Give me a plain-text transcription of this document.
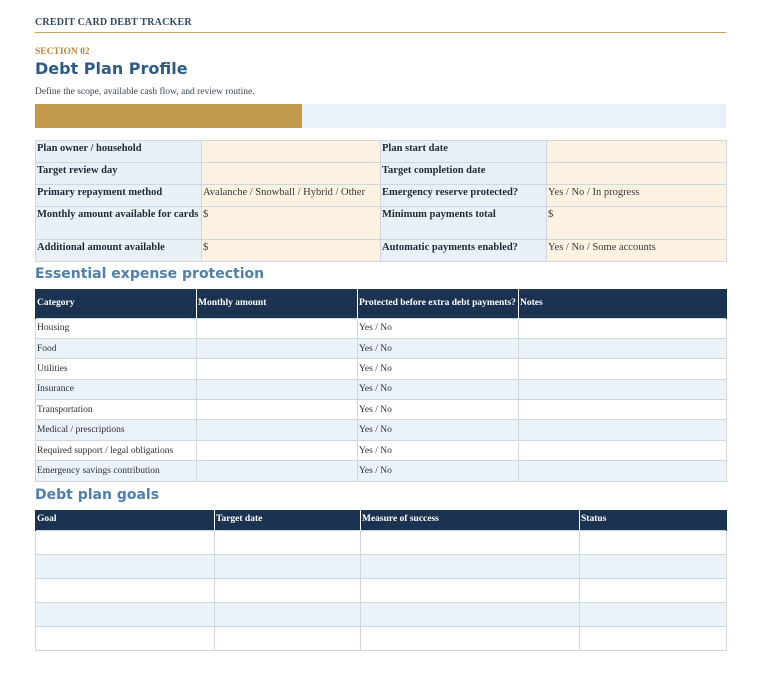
CREDIT CARD DEBT TRACKER
SECTION 02
Debt Plan Profile
Define the scope, available cash flow, and review routine.
Plan owner / household		Plan start date	
Target review day		Target completion date	
Primary repayment method	Avalanche / Snowball / Hybrid / Other	Emergency reserve protected?	Yes / No / In progress
Monthly amount available for cards	$	Minimum payments total	$
Additional amount available	$	Automatic payments enabled?	Yes / No / Some accounts
Essential expense protection
Category	Monthly amount	Protected before extra debt payments?	Notes
Housing		Yes / No	
Food		Yes / No	
Utilities		Yes / No	
Insurance		Yes / No	
Transportation		Yes / No	
Medical / prescriptions		Yes / No	
Required support / legal obligations		Yes / No	
Emergency savings contribution		Yes / No	
Debt plan goals
Goal	Target date	Measure of success	Status
